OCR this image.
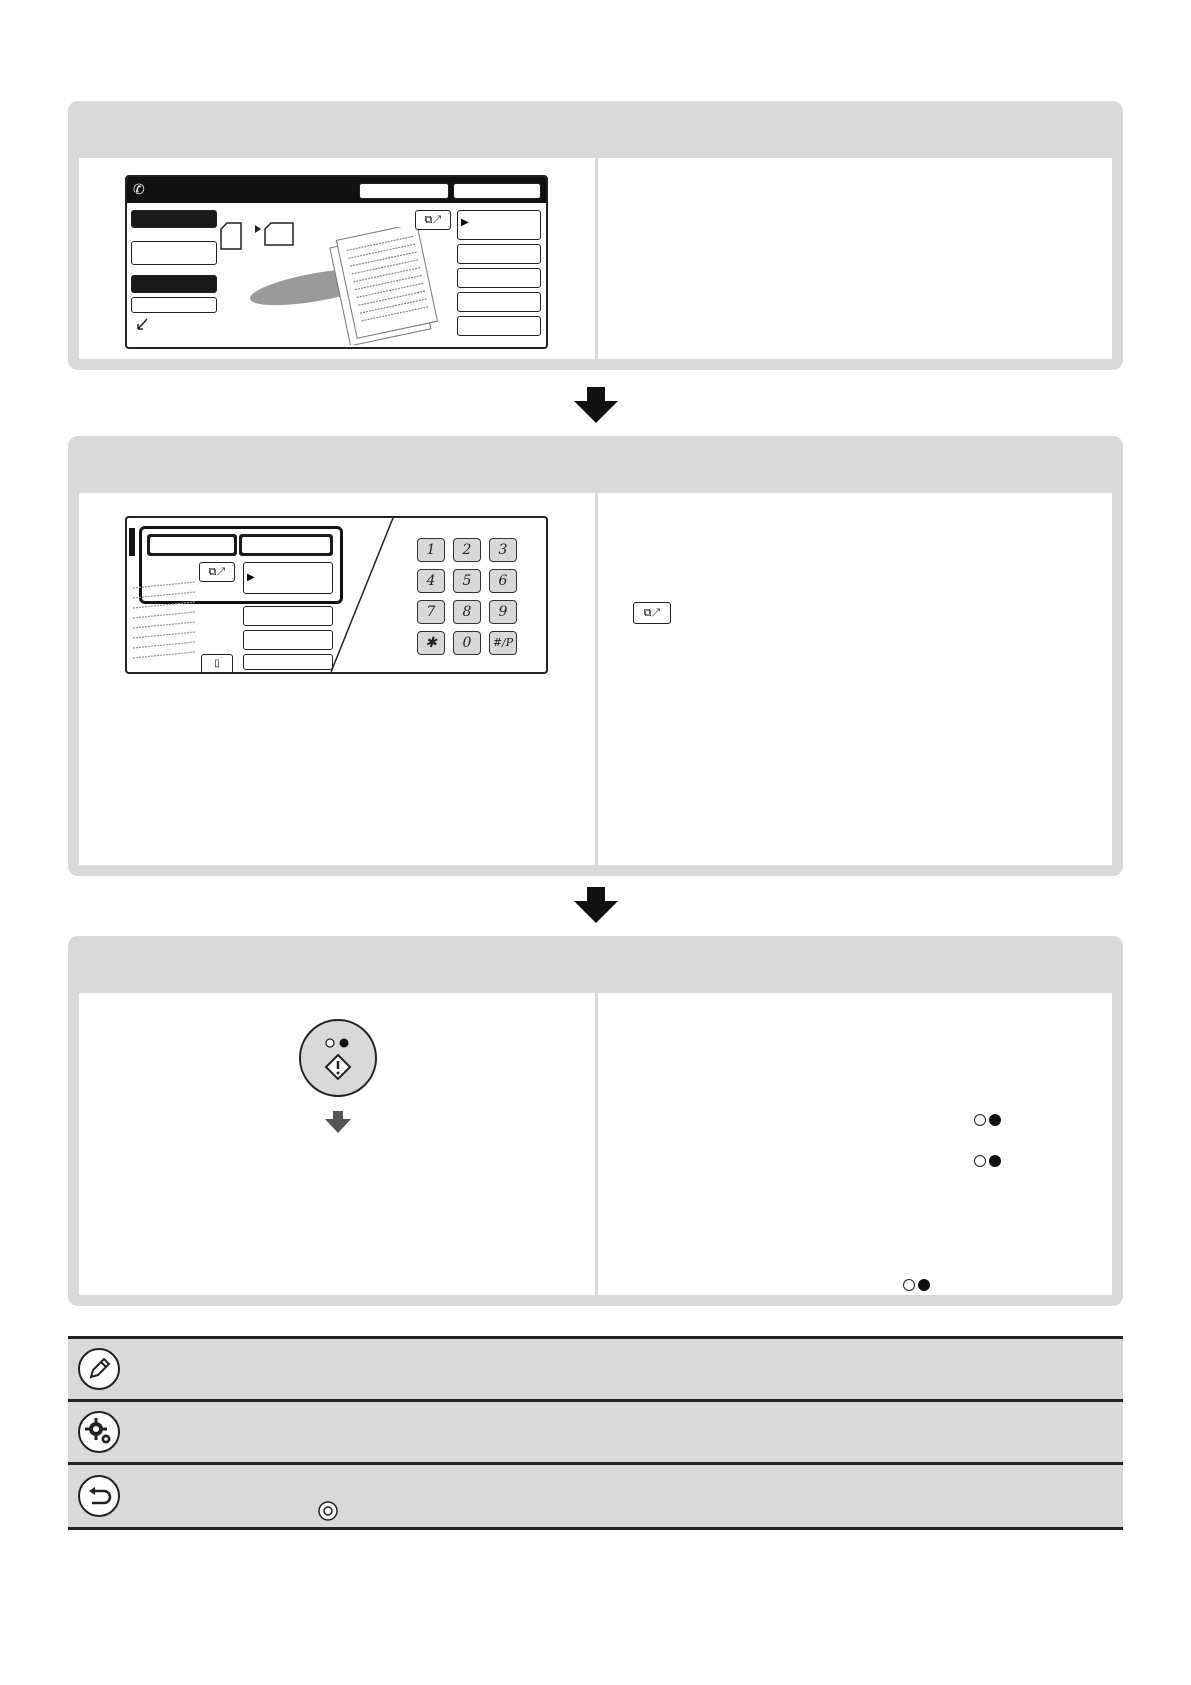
✆
⧉↗	▶
⧉↗	▶
▯
1	2	3
4	5	6
7	8	9
✱	0	#/P
⧉↗
